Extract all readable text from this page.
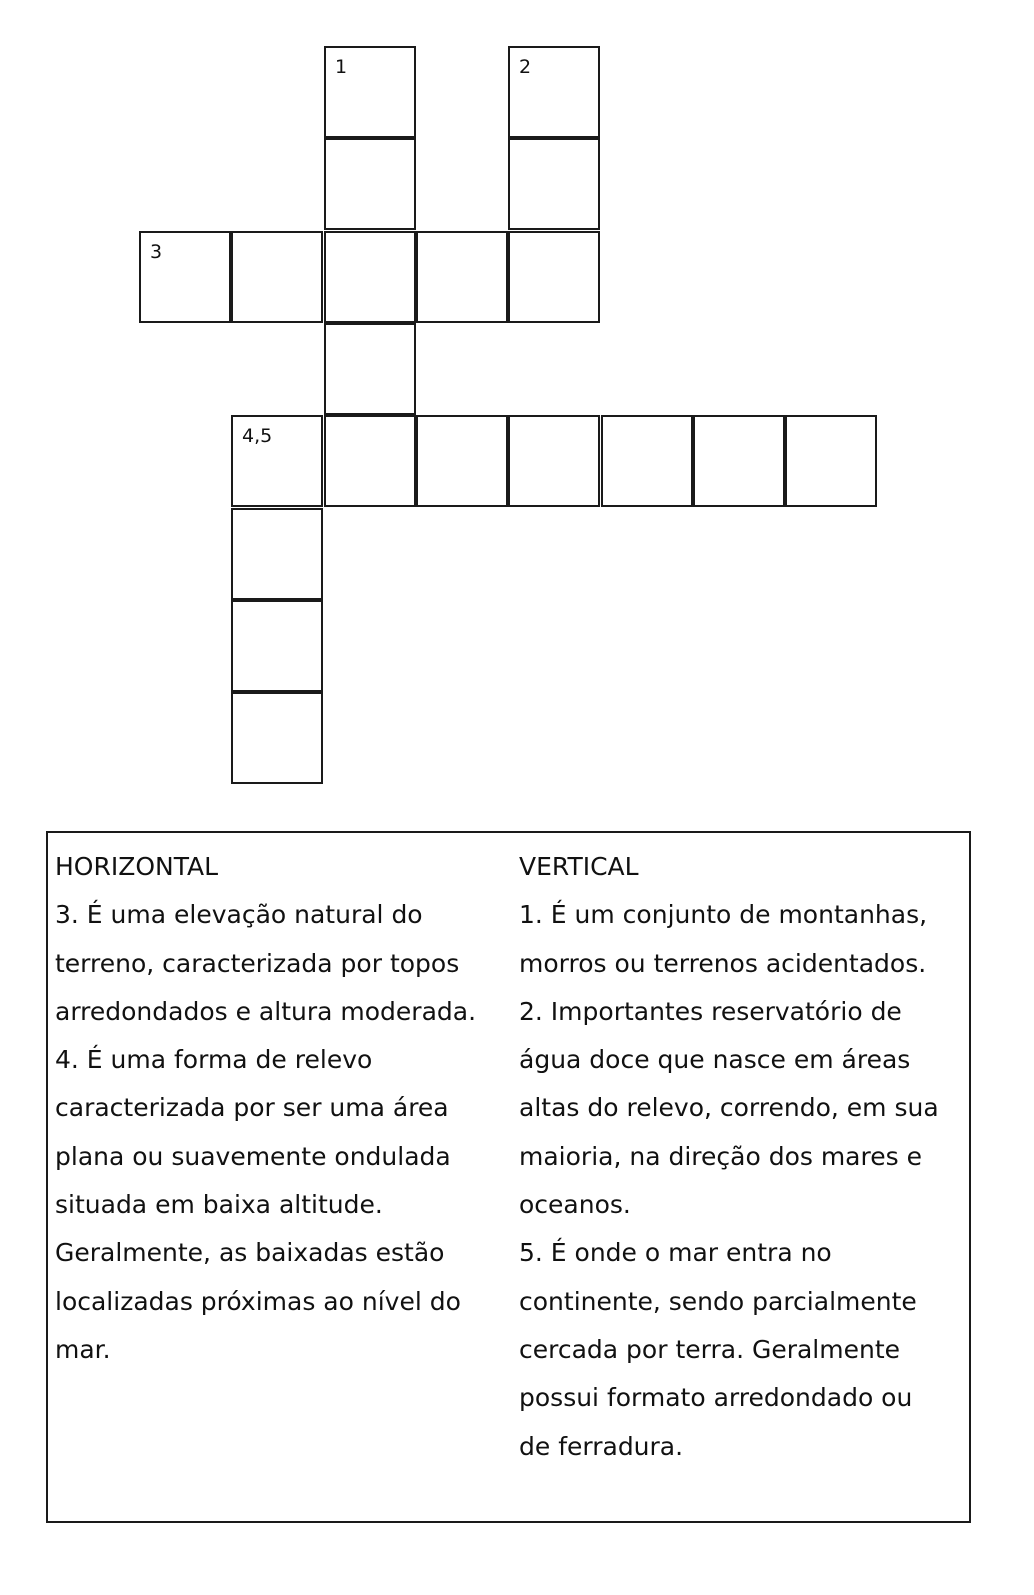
1	2
3
4,5
HORIZONTAL
3. É uma elevação natural do
terreno, caracterizada por topos
arredondados e altura moderada.
4. É uma forma de relevo
caracterizada por ser uma área
plana ou suavemente ondulada
situada em baixa altitude.
Geralmente, as baixadas estão
localizadas próximas ao nível do
mar.
VERTICAL
1. É um conjunto de montanhas,
morros ou terrenos acidentados.
2. Importantes reservatório de
água doce que nasce em áreas
altas do relevo, correndo, em sua
maioria, na direção dos mares e
oceanos.
5. É onde o mar entra no
continente, sendo parcialmente
cercada por terra. Geralmente
possui formato arredondado ou
de ferradura.
